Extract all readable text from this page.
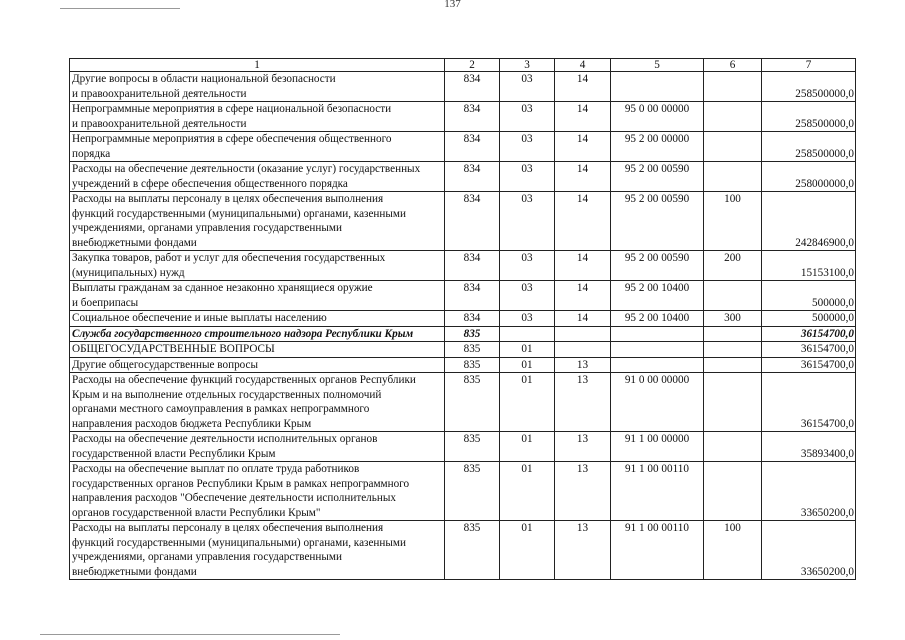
137
1	2	3	4	5	6	7
Другие вопросы в области национальной безопасности
и правоохранительной деятельности	834	03	14			258500000,0
Непрограммные мероприятия в сфере национальной безопасности
и правоохранительной деятельности	834	03	14	95 0 00 00000		258500000,0
Непрограммные мероприятия в сфере обеспечения общественного
порядка	834	03	14	95 2 00 00000		258500000,0
Расходы на обеспечение деятельности (оказание услуг) государственных
учреждений в сфере обеспечения общественного порядка	834	03	14	95 2 00 00590		258000000,0
Расходы на выплаты персоналу в целях обеспечения выполнения
функций государственными (муниципальными) органами, казенными
учреждениями, органами управления государственными
внебюджетными фондами	834	03	14	95 2 00 00590	100	242846900,0
Закупка товаров, работ и услуг для обеспечения государственных
(муниципальных) нужд	834	03	14	95 2 00 00590	200	15153100,0
Выплаты гражданам за сданное незаконно хранящиеся оружие
и боеприпасы	834	03	14	95 2 00 10400		500000,0
Социальное обеспечение и иные выплаты населению	834	03	14	95 2 00 10400	300	500000,0
Служба государственного строительного надзора Республики Крым	835					36154700,0
ОБЩЕГОСУДАРСТВЕННЫЕ ВОПРОСЫ	835	01				36154700,0
Другие общегосударственные вопросы	835	01	13			36154700,0
Расходы на обеспечение функций государственных органов Республики
Крым и на выполнение отдельных государственных полномочий
органами местного самоуправления в рамках непрограммного
направления расходов бюджета Республики Крым	835	01	13	91 0 00 00000		36154700,0
Расходы на обеспечение деятельности исполнительных органов
государственной власти Республики Крым	835	01	13	91 1 00 00000		35893400,0
Расходы на обеспечение выплат по оплате труда работников
государственных органов Республики Крым в рамках непрограммного
направления расходов "Обеспечение деятельности исполнительных
органов государственной власти Республики Крым"	835	01	13	91 1 00 00110		33650200,0
Расходы на выплаты персоналу в целях обеспечения выполнения
функций государственными (муниципальными) органами, казенными
учреждениями, органами управления государственными
внебюджетными фондами	835	01	13	91 1 00 00110	100	33650200,0
